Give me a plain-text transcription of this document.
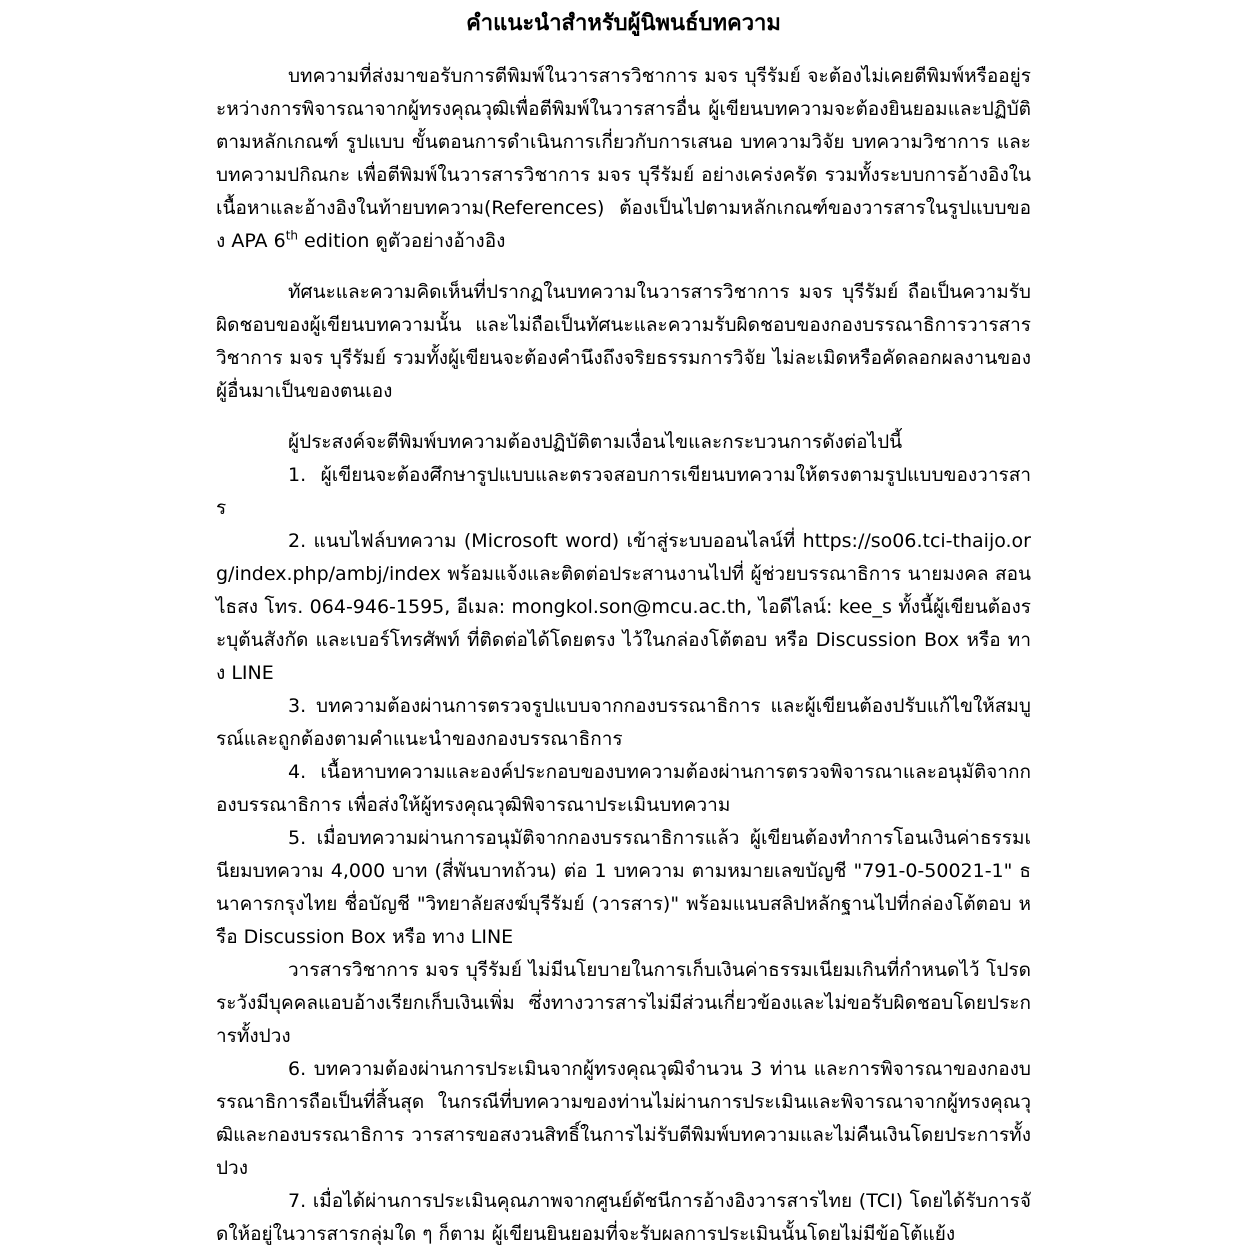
คำแนะนำสำหรับผู้นิพนธ์บทความ

บทความที่ส่งมาขอรับการตีพิมพ์ในวารสารวิชาการ มจร บุรีรัมย์ จะต้องไม่เคยตีพิมพ์หรืออยู่ระหว่างการพิจารณาจากผู้ทรงคุณวุฒิเพื่อตีพิมพ์ในวารสารอื่น ผู้เขียนบทความจะต้องยินยอมและปฏิบัติตามหลักเกณฑ์ รูปแบบ ขั้นตอนการดำเนินการเกี่ยวกับการเสนอ บทความวิจัย บทความวิชาการ และบทความปกิณกะ เพื่อตีพิมพ์ในวารสารวิชาการ มจร บุรีรัมย์ อย่างเคร่งครัด รวมทั้งระบบการอ้างอิงในเนื้อหาและอ้างอิงในท้ายบทความ(References) ต้องเป็นไปตามหลักเกณฑ์ของวารสารในรูปแบบของ APA 6th edition ดูตัวอย่างอ้างอิง

ทัศนะและความคิดเห็นที่ปรากฏในบทความในวารสารวิชาการ มจร บุรีรัมย์ ถือเป็นความรับผิดชอบของผู้เขียนบทความนั้น และไม่ถือเป็นทัศนะและความรับผิดชอบของกองบรรณาธิการวารสารวิชาการ มจร บุรีรัมย์ รวมทั้งผู้เขียนจะต้องคำนึงถึงจริยธรรมการวิจัย ไม่ละเมิดหรือคัดลอกผลงานของผู้อื่นมาเป็นของตนเอง

ผู้ประสงค์จะตีพิมพ์บทความต้องปฏิบัติตามเงื่อนไขและกระบวนการดังต่อไปนี้

1. ผู้เขียนจะต้องศึกษารูปแบบและตรวจสอบการเขียนบทความให้ตรงตามรูปแบบของวารสาร

2. แนบไฟล์บทความ (Microsoft word) เข้าสู่ระบบออนไลน์ที่ https://so06.tci-thaijo.org/index.php/ambj/index พร้อมแจ้งและติดต่อประสานงานไปที่ ผู้ช่วยบรรณาธิการ นายมงคล สอนไธสง โทร. 064-946-1595, อีเมล: mongkol.son@mcu.ac.th, ไอดีไลน์: kee_s ทั้งนี้ผู้เขียนต้องระบุต้นสังกัด และเบอร์โทรศัพท์ ที่ติดต่อได้โดยตรง ไว้ในกล่องโต้ตอบ หรือ Discussion Box หรือ ทาง LINE

3. บทความต้องผ่านการตรวจรูปแบบจากกองบรรณาธิการ และผู้เขียนต้องปรับแก้ไขให้สมบูรณ์และถูกต้องตามคำแนะนำของกองบรรณาธิการ

4. เนื้อหาบทความและองค์ประกอบของบทความต้องผ่านการตรวจพิจารณาและอนุมัติจากกองบรรณาธิการ เพื่อส่งให้ผู้ทรงคุณวุฒิพิจารณาประเมินบทความ

5. เมื่อบทความผ่านการอนุมัติจากกองบรรณาธิการแล้ว ผู้เขียนต้องทำการโอนเงินค่าธรรมเนียมบทความ 4,000 บาท (สี่พันบาทถ้วน) ต่อ 1 บทความ ตามหมายเลขบัญชี "791-0-50021-1" ธนาคารกรุงไทย ชื่อบัญชี "วิทยาลัยสงฆ์บุรีรัมย์ (วารสาร)" พร้อมแนบสลิปหลักฐานไปที่กล่องโต้ตอบ หรือ Discussion Box หรือ ทาง LINE

วารสารวิชาการ มจร บุรีรัมย์ ไม่มีนโยบายในการเก็บเงินค่าธรรมเนียมเกินที่กำหนดไว้ โปรดระวังมีบุคคลแอบอ้างเรียกเก็บเงินเพิ่ม ซึ่งทางวารสารไม่มีส่วนเกี่ยวข้องและไม่ขอรับผิดชอบโดยประการทั้งปวง

6. บทความต้องผ่านการประเมินจากผู้ทรงคุณวุฒิจำนวน 3 ท่าน และการพิจารณาของกองบรรณาธิการถือเป็นที่สิ้นสุด ในกรณีที่บทความของท่านไม่ผ่านการประเมินและพิจารณาจากผู้ทรงคุณวุฒิและกองบรรณาธิการ วารสารขอสงวนสิทธิ์ในการไม่รับตีพิมพ์บทความและไม่คืนเงินโดยประการทั้งปวง

7. เมื่อได้ผ่านการประเมินคุณภาพจากศูนย์ดัชนีการอ้างอิงวารสารไทย (TCI) โดยได้รับการจัดให้อยู่ในวารสารกลุ่มใด ๆ ก็ตาม ผู้เขียนยินยอมที่จะรับผลการประเมินนั้นโดยไม่มีข้อโต้แย้ง
